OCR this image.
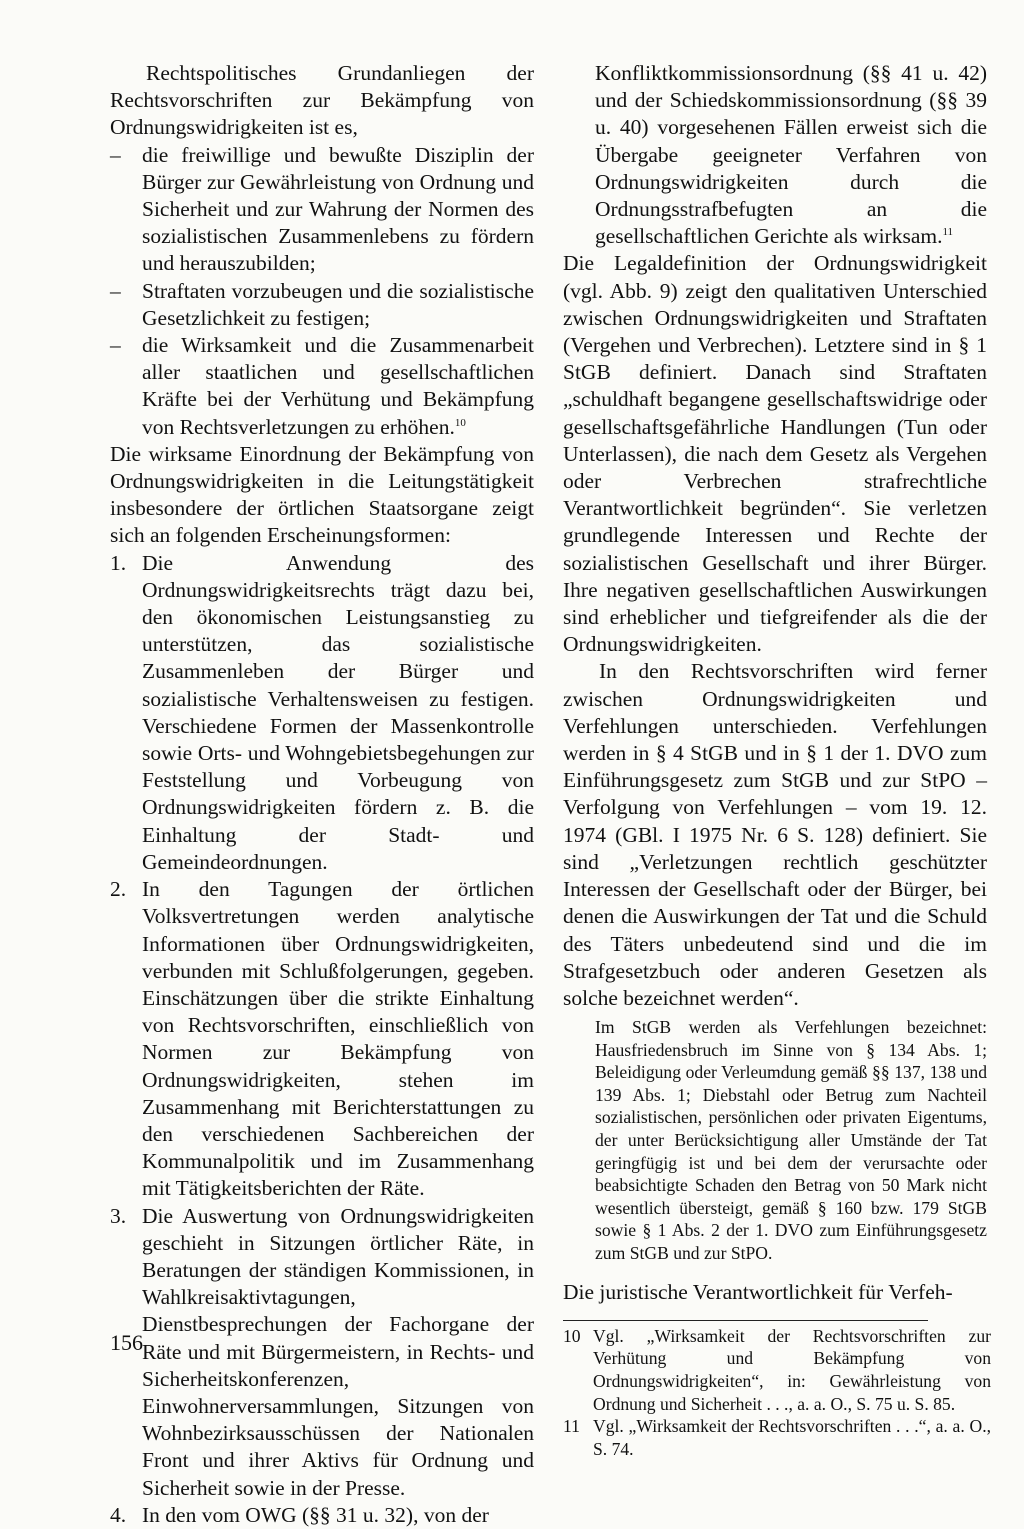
Rechtspolitisches Grundanliegen der Rechtsvorschriften zur Bekämpfung von Ordnungswidrigkeiten ist es,

– die freiwillige und bewußte Disziplin der Bürger zur Gewährleistung von Ordnung und Sicherheit und zur Wahrung der Normen des sozialistischen Zusammenlebens zu fördern und herauszubilden;
– Straftaten vorzubeugen und die sozialistische Gesetzlichkeit zu festigen;
– die Wirksamkeit und die Zusammenarbeit aller staatlichen und gesellschaftlichen Kräfte bei der Verhütung und Bekämpfung von Rechtsverletzungen zu erhöhen.$^{10}$

Die wirksame Einordnung der Bekämpfung von Ordnungswidrigkeiten in die Leitungstätigkeit insbesondere der örtlichen Staatsorgane zeigt sich an folgenden Erscheinungsformen:

1. Die Anwendung des Ordnungswidrigkeitsrechts trägt dazu bei, den ökonomischen Leistungsanstieg zu unterstützen, das sozialistische Zusammenleben der Bürger und sozialistische Verhaltensweisen zu festigen. Verschiedene Formen der Massenkontrolle sowie Orts- und Wohngebietsbegehungen zur Feststellung und Vorbeugung von Ordnungswidrigkeiten fördern z. B. die Einhaltung der Stadt- und Gemeindeordnungen.
2. In den Tagungen der örtlichen Volksvertretungen werden analytische Informationen über Ordnungswidrigkeiten, verbunden mit Schlußfolgerungen, gegeben. Einschätzungen über die strikte Einhaltung von Rechtsvorschriften, einschließlich von Normen zur Bekämpfung von Ordnungswidrigkeiten, stehen im Zusammenhang mit Berichterstattungen zu den verschiedenen Sachbereichen der Kommunalpolitik und im Zusammenhang mit Tätigkeitsberichten der Räte.
3. Die Auswertung von Ordnungswidrigkeiten geschieht in Sitzungen örtlicher Räte, in Beratungen der ständigen Kommissionen, in Wahlkreisaktivtagungen, Dienstbesprechungen der Fachorgane der Räte und mit Bürgermeistern, in Rechts- und Sicherheitskonferenzen, Einwohnerversammlungen, Sitzungen von Wohnbezirksausschüssen der Nationalen Front und ihrer Aktivs für Ordnung und Sicherheit sowie in der Presse.
4. In den vom OWG (§§ 31 u. 32), von der

Konfliktkommissionsordnung (§§ 41 u. 42) und der Schiedskommissionsordnung (§§ 39 u. 40) vorgesehenen Fällen erweist sich die Übergabe geeigneter Verfahren von Ordnungswidrigkeiten durch die Ordnungsstrafbefugten an die gesellschaftlichen Gerichte als wirksam.$^{11}$

Die Legaldefinition der Ordnungswidrigkeit (vgl. Abb. 9) zeigt den qualitativen Unterschied zwischen Ordnungswidrigkeiten und Straftaten (Vergehen und Verbrechen). Letztere sind in § 1 StGB definiert. Danach sind Straftaten „schuldhaft begangene gesellschaftswidrige oder gesellschaftsgefährliche Handlungen (Tun oder Unterlassen), die nach dem Gesetz als Vergehen oder Verbrechen strafrechtliche Verantwortlichkeit begründen“. Sie verletzen grundlegende Interessen und Rechte der sozialistischen Gesellschaft und ihrer Bürger. Ihre negativen gesellschaftlichen Auswirkungen sind erheblicher und tiefgreifender als die der Ordnungswidrigkeiten.

In den Rechtsvorschriften wird ferner zwischen Ordnungswidrigkeiten und Verfehlungen unterschieden. Verfehlungen werden in § 4 StGB und in § 1 der 1. DVO zum Einführungsgesetz zum StGB und zur StPO – Verfolgung von Verfehlungen – vom 19. 12. 1974 (GBl. I 1975 Nr. 6 S. 128) definiert. Sie sind „Verletzungen rechtlich geschützter Interessen der Gesellschaft oder der Bürger, bei denen die Auswirkungen der Tat und die Schuld des Täters unbedeutend sind und die im Strafgesetzbuch oder anderen Gesetzen als solche bezeichnet werden“.

Im StGB werden als Verfehlungen bezeichnet: Hausfriedensbruch im Sinne von § 134 Abs. 1; Beleidigung oder Verleumdung gemäß §§ 137, 138 und 139 Abs. 1; Diebstahl oder Betrug zum Nachteil sozialistischen, persönlichen oder privaten Eigentums, der unter Berücksichtigung aller Umstände der Tat geringfügig ist und bei dem der verursachte oder beabsichtigte Schaden den Betrag von 50 Mark nicht wesentlich übersteigt, gemäß § 160 bzw. 179 StGB sowie § 1 Abs. 2 der 1. DVO zum Einführungsgesetz zum StGB und zur StPO.

Die juristische Verantwortlichkeit für Verfeh-

10 Vgl. „Wirksamkeit der Rechtsvorschriften zur Verhütung und Bekämpfung von Ordnungswidrigkeiten“, in: Gewährleistung von Ordnung und Sicherheit . . ., a. a. O., S. 75 u. S. 85.
11 Vgl. „Wirksamkeit der Rechtsvorschriften . . .“, a. a. O., S. 74.
156
